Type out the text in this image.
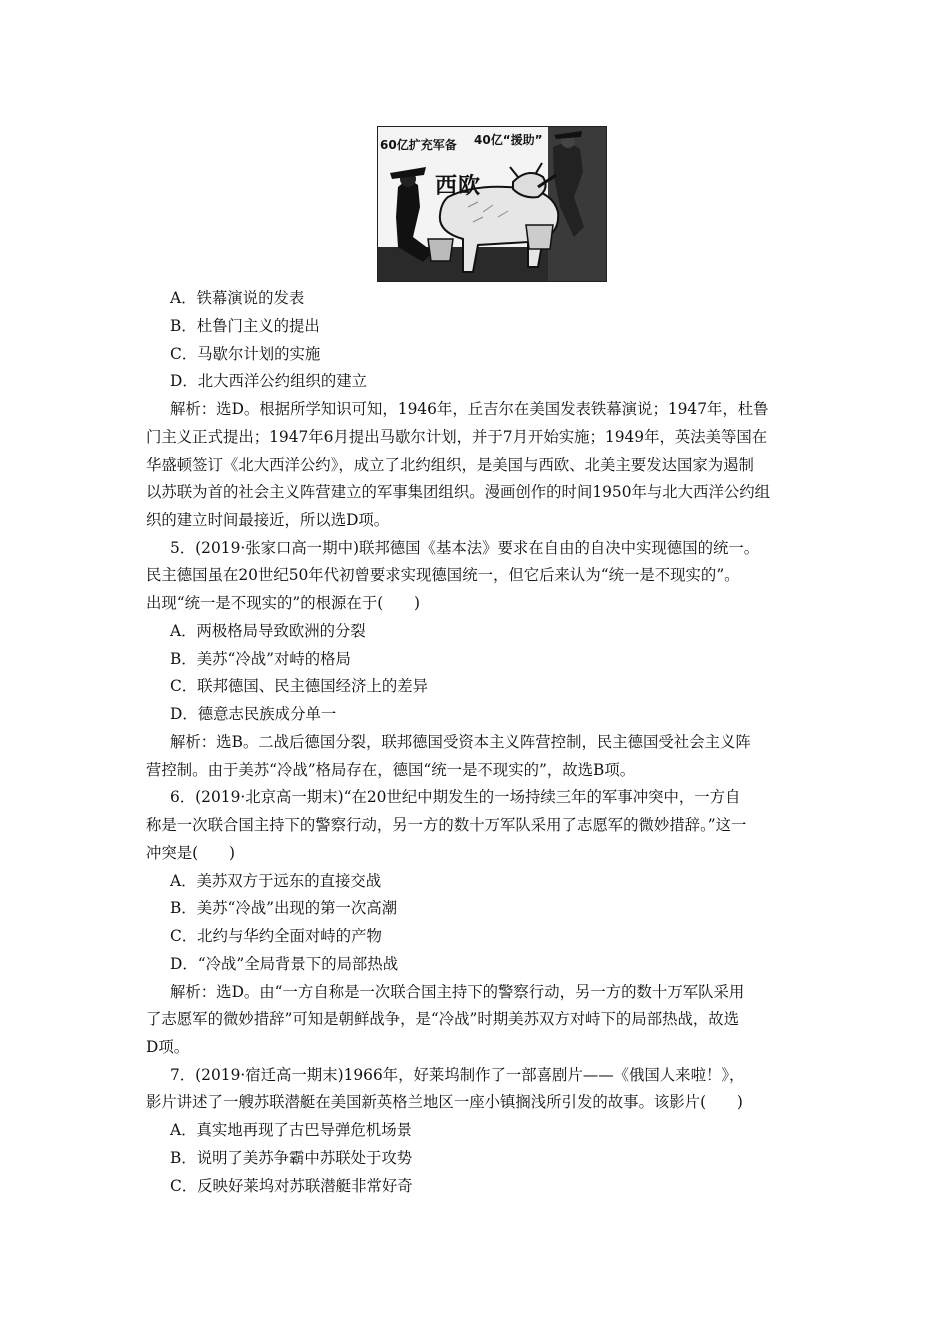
60亿扩充军备 40亿“援助”
西欧
A．铁幕演说的发表
B．杜鲁门主义的提出
C．马歇尔计划的实施
D．北大西洋公约组织的建立
解析：选D。根据所学知识可知，1946年，丘吉尔在美国发表铁幕演说；1947年，杜鲁
门主义正式提出；1947年6月提出马歇尔计划，并于7月开始实施；1949年，英法美等国在
华盛顿签订《北大西洋公约》，成立了北约组织，是美国与西欧、北美主要发达国家为遏制
以苏联为首的社会主义阵营建立的军事集团组织。漫画创作的时间1950年与北大西洋公约组
织的建立时间最接近，所以选D项。
5．(2019·张家口高一期中)联邦德国《基本法》要求在自由的自决中实现德国的统一。
民主德国虽在20世纪50年代初曾要求实现德国统一，但它后来认为“统一是不现实的”。
出现“统一是不现实的”的根源在于(　　)
A．两极格局导致欧洲的分裂
B．美苏“冷战”对峙的格局
C．联邦德国、民主德国经济上的差异
D．德意志民族成分单一
解析：选B。二战后德国分裂，联邦德国受资本主义阵营控制，民主德国受社会主义阵
营控制。由于美苏“冷战”格局存在，德国“统一是不现实的”，故选B项。
6．(2019·北京高一期末)“在20世纪中期发生的一场持续三年的军事冲突中，一方自
称是一次联合国主持下的警察行动，另一方的数十万军队采用了志愿军的微妙措辞。”这一
冲突是(　　)
A．美苏双方于远东的直接交战
B．美苏“冷战”出现的第一次高潮
C．北约与华约全面对峙的产物
D．“冷战”全局背景下的局部热战
解析：选D。由“一方自称是一次联合国主持下的警察行动，另一方的数十万军队采用
了志愿军的微妙措辞”可知是朝鲜战争，是“冷战”时期美苏双方对峙下的局部热战，故选
D项。
7．(2019·宿迁高一期末)1966年，好莱坞制作了一部喜剧片——《俄国人来啦！》，
影片讲述了一艘苏联潜艇在美国新英格兰地区一座小镇搁浅所引发的故事。该影片(　　)
A．真实地再现了古巴导弹危机场景
B．说明了美苏争霸中苏联处于攻势
C．反映好莱坞对苏联潜艇非常好奇
